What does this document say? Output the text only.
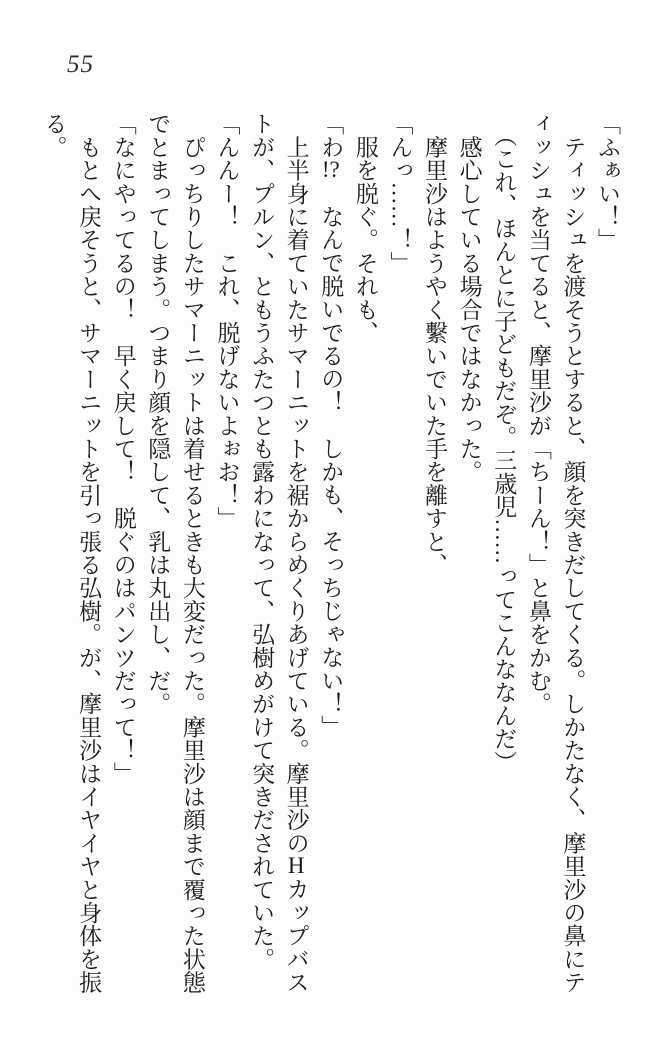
55
「ふぁい！」
　ティッシュを渡そうとすると、顔を突きだしてくる。しかたなく、摩里沙の鼻にテ
ィッシュを当てると、摩里沙が「ちーん！」と鼻をかむ。
　（これ、ほんとに子どもだぞ。三歳児……ってこんななんだ）
　感心している場合ではなかった。
　摩里沙はようやく繫いでいた手を離すと、
「んっ……！」
　服を脱ぐ。それも、
「わ!?　なんで脱いでるの！　しかも、そっちじゃない！」
　上半身に着ていたサマーニットを裾からめくりあげている。摩里沙のHカップバス
トが、プルン、ともうふたつとも露わになって、弘樹めがけて突きだされていた。
「んんー！　これ、脱げないよぉお！」
　ぴっちりしたサマーニットは着せるときも大変だった。摩里沙は顔まで覆った状態
でとまってしまう。つまり顔を隠して、乳は丸出し、だ。
「なにやってるの！　早く戻して！　脱ぐのはパンツだって！」
　もとへ戻そうと、サマーニットを引っ張る弘樹。が、摩里沙はイヤイヤと身体を振
る。
